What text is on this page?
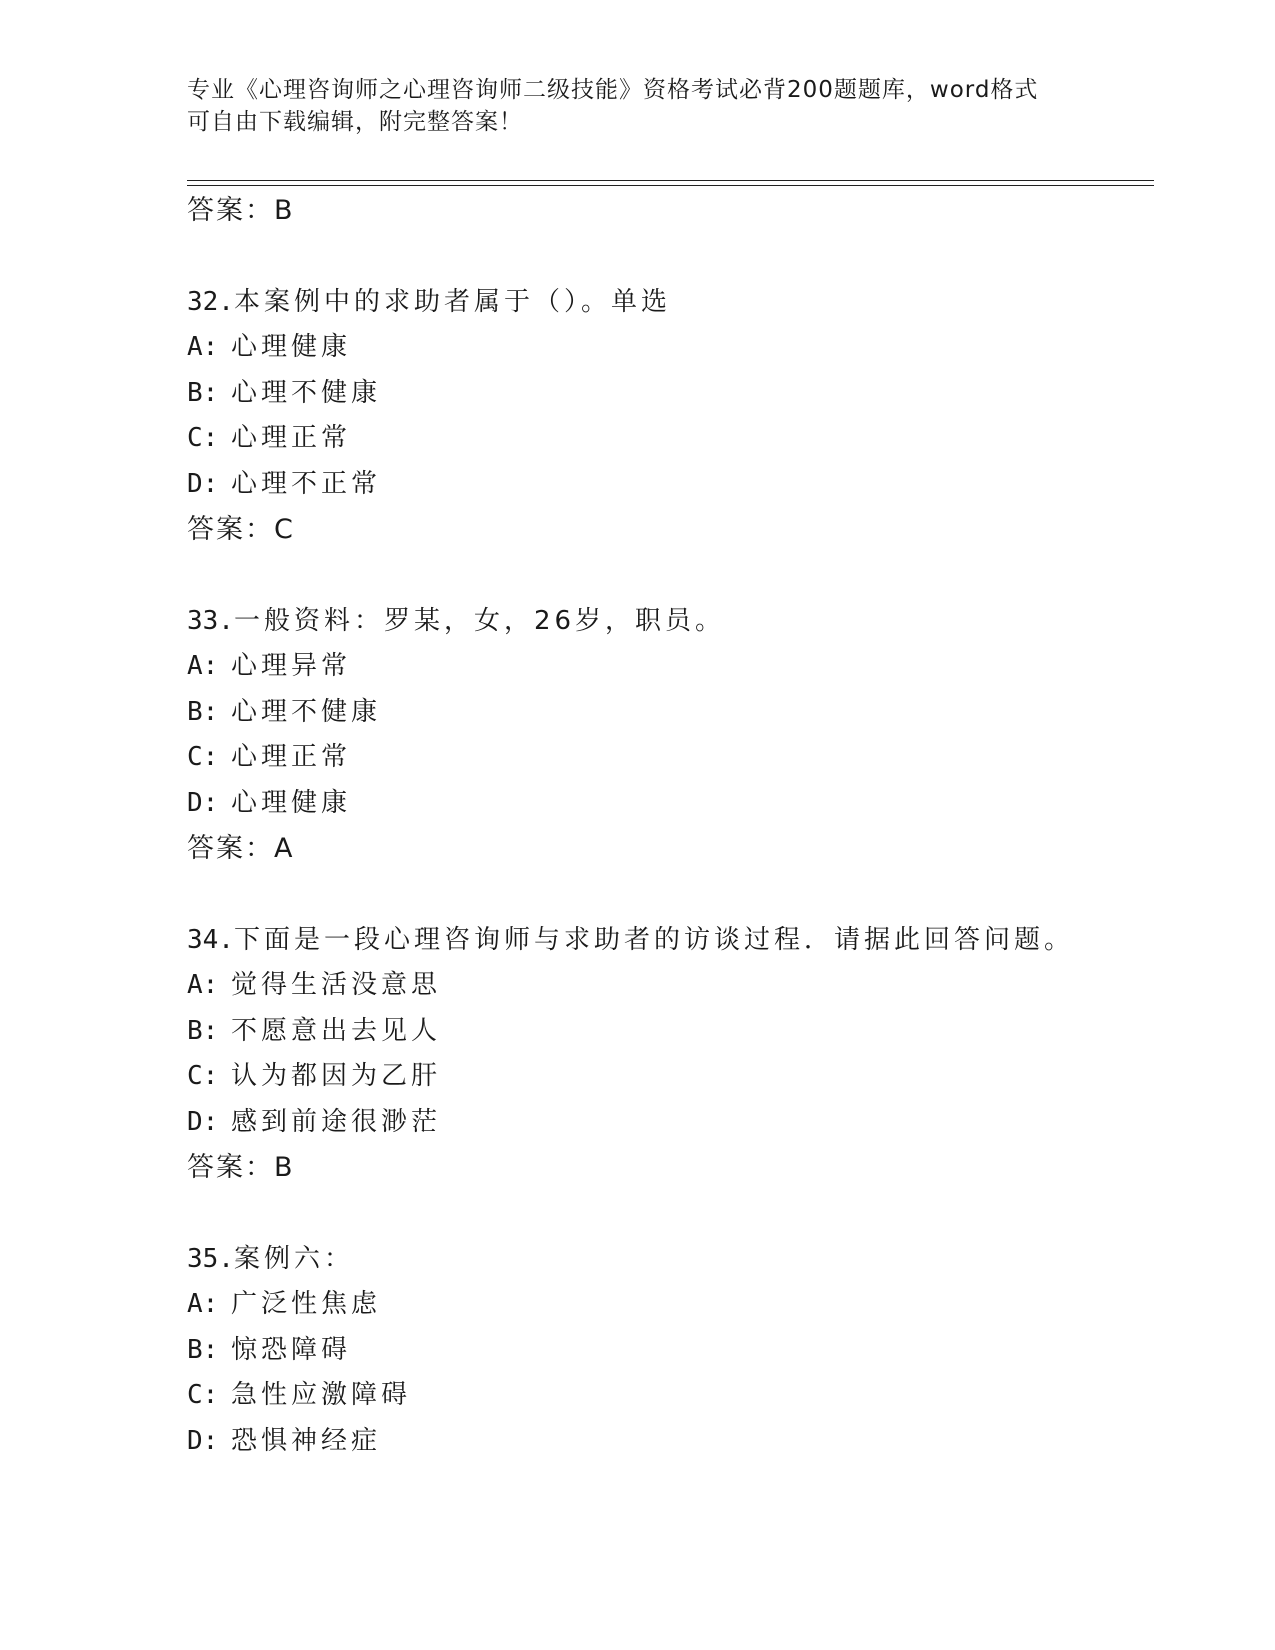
专业《心理咨询师之心理咨询师二级技能》资格考试必背200题题库，word格式
可自由下载编辑，附完整答案！
答案：B
32.本案例中的求助者属于（）。单选
A: 心理健康
B: 心理不健康
C: 心理正常
D: 心理不正常
答案：C
33.一般资料：罗某，女，26岁，职员。
A: 心理异常
B: 心理不健康
C: 心理正常
D: 心理健康
答案：A
34.下面是一段心理咨询师与求助者的访谈过程．请据此回答问题。
A: 觉得生活没意思
B: 不愿意出去见人
C: 认为都因为乙肝
D: 感到前途很渺茫
答案：B
35.案例六：
A: 广泛性焦虑
B: 惊恐障碍
C: 急性应激障碍
D: 恐惧神经症
